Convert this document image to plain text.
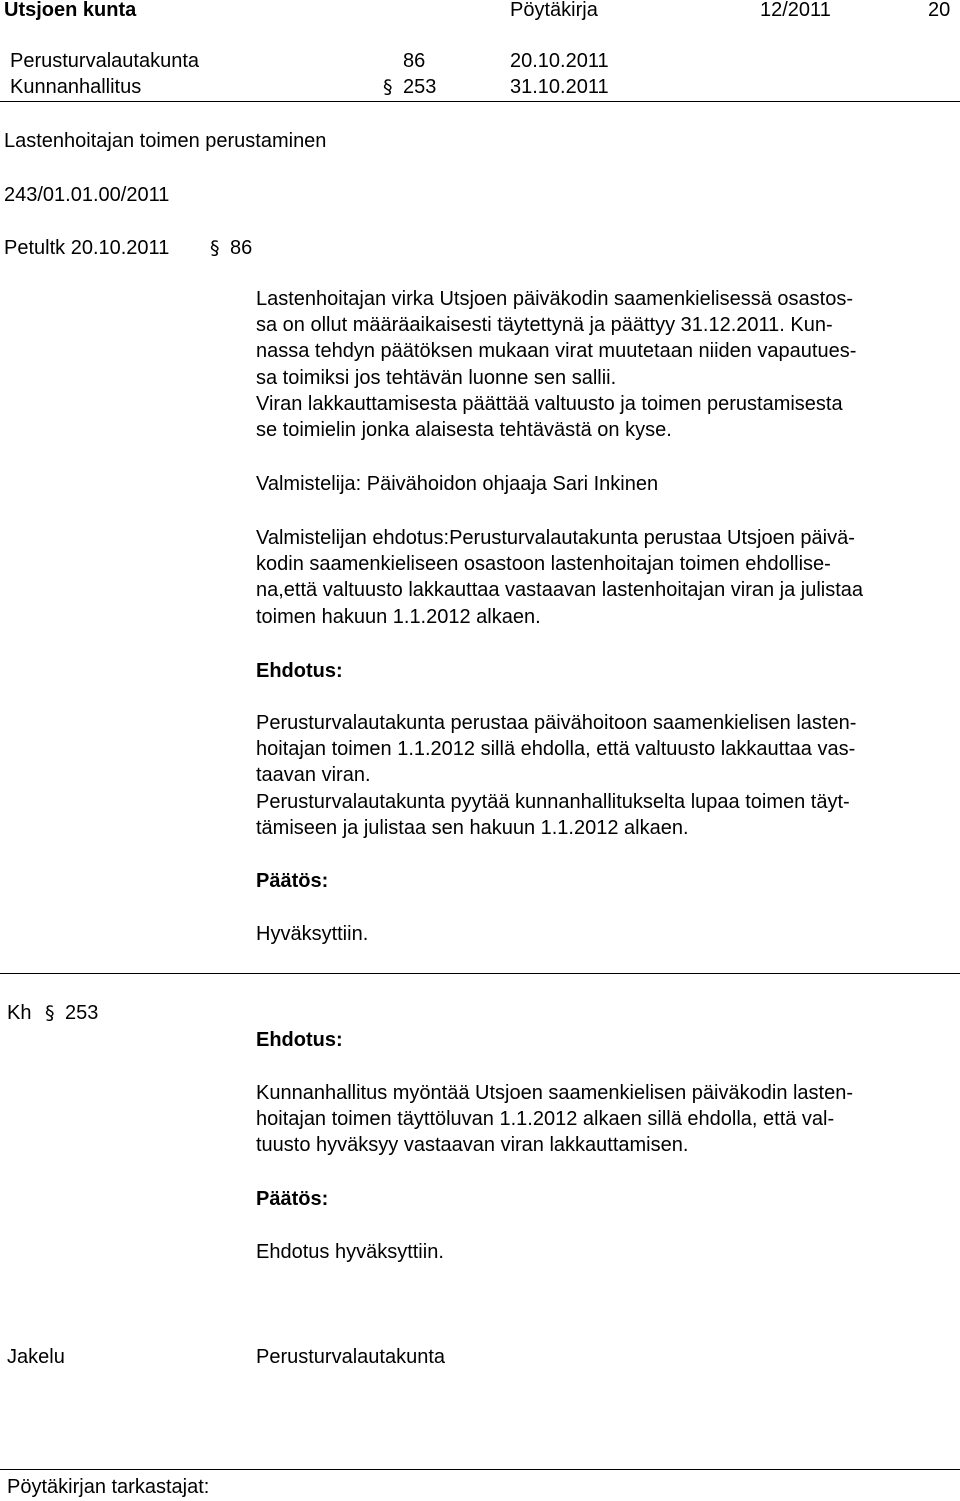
Utsjoen kunta	Pöytäkirja	12/2011	20
Perusturvalautakunta	86	20.10.2011
Kunnanhallitus	§ 253	31.10.2011
Lastenhoitajan toimen perustaminen
243/01.01.00/2011
Petultk 20.10.2011 § 86
Lastenhoitajan virka Utsjoen päiväkodin saamenkielisessä osastos-
sa on ollut määräaikaisesti täytettynä ja päättyy 31.12.2011. Kun-
nassa tehdyn päätöksen mukaan virat muutetaan niiden vapautues-
sa toimiksi jos tehtävän luonne sen sallii.
Viran lakkauttamisesta päättää valtuusto ja toimen perustamisesta
se toimielin jonka alaisesta tehtävästä on kyse.
Valmistelija: Päivähoidon ohjaaja Sari Inkinen
Valmistelijan ehdotus:Perusturvalautakunta perustaa Utsjoen päivä-
kodin saamenkieliseen osastoon lastenhoitajan toimen ehdollise-
na,että valtuusto lakkauttaa vastaavan lastenhoitajan viran ja julistaa
toimen hakuun 1.1.2012 alkaen.
Ehdotus:
Perusturvalautakunta perustaa päivähoitoon saamenkielisen lasten-
hoitajan toimen 1.1.2012 sillä ehdolla, että valtuusto lakkauttaa vas-
taavan viran.
Perusturvalautakunta pyytää kunnanhallitukselta lupaa toimen täyt-
tämiseen ja julistaa sen hakuun 1.1.2012 alkaen.
Päätös:
Hyväksyttiin.
Kh § 253
Ehdotus:
Kunnanhallitus myöntää Utsjoen saamenkielisen päiväkodin lasten-
hoitajan toimen täyttöluvan 1.1.2012 alkaen sillä ehdolla, että val-
tuusto hyväksyy vastaavan viran lakkauttamisen.
Päätös:
Ehdotus hyväksyttiin.
Jakelu	Perusturvalautakunta
Pöytäkirjan tarkastajat:
